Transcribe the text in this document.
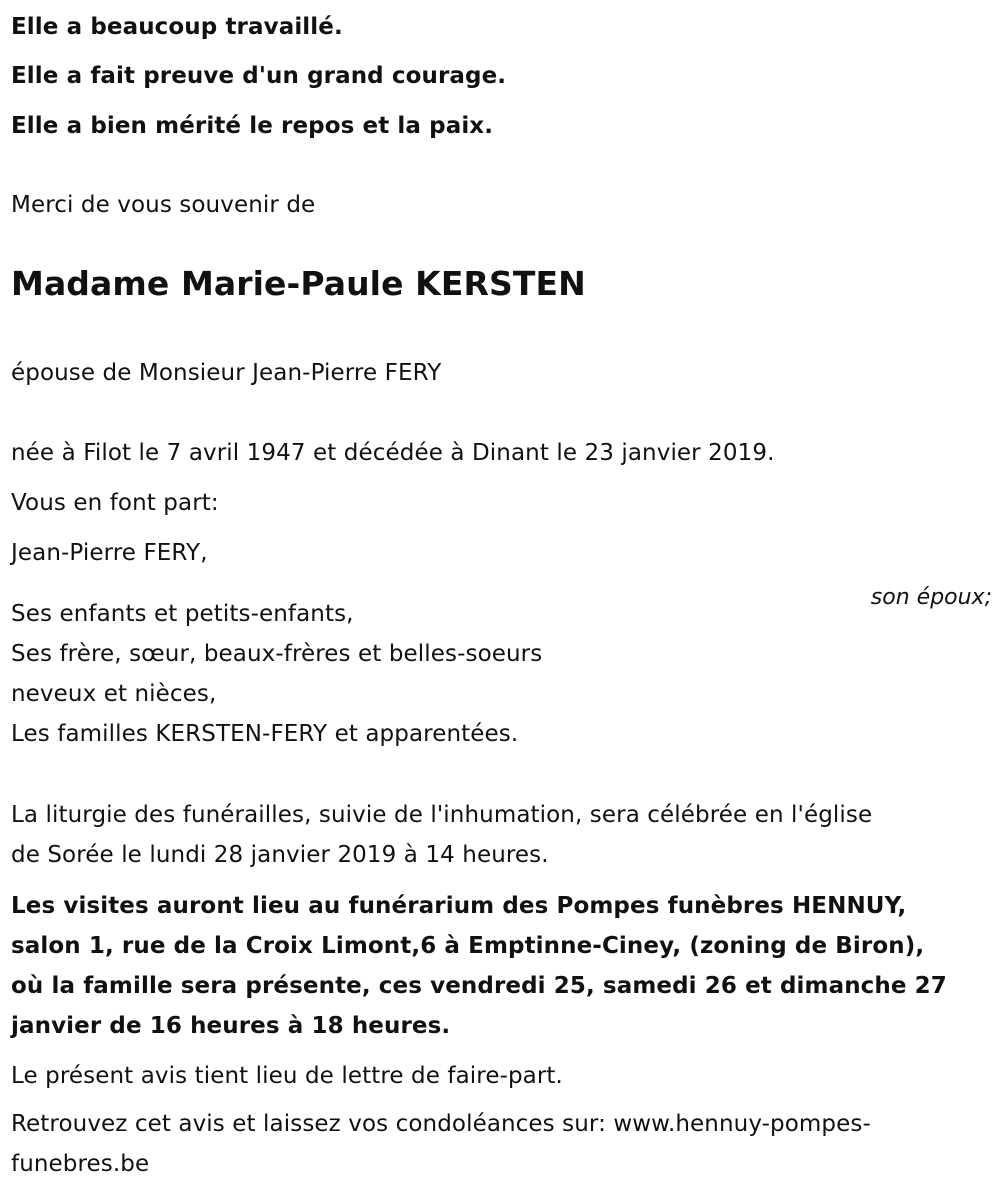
Elle a beaucoup travaillé.

Elle a fait preuve d'un grand courage.

Elle a bien mérité le repos et la paix.

Merci de vous souvenir de

Madame Marie-Paule KERSTEN

épouse de Monsieur Jean-Pierre FERY

née à Filot le 7 avril 1947 et décédée à Dinant le 23 janvier 2019.

Vous en font part:

Jean-Pierre FERY,

son époux;

Ses enfants et petits-enfants,

Ses frère, sœur, beaux-frères et belles-soeurs

neveux et nièces,

Les familles KERSTEN-FERY et apparentées.

La liturgie des funérailles, suivie de l'inhumation, sera célébrée en l'église

de Sorée le lundi 28 janvier 2019 à 14 heures.

Les visites auront lieu au funérarium des Pompes funèbres HENNUY,

salon 1, rue de la Croix Limont,6 à Emptinne-Ciney, (zoning de Biron),

où la famille sera présente, ces vendredi 25, samedi 26 et dimanche 27

janvier de 16 heures à 18 heures.

Le présent avis tient lieu de lettre de faire-part.

Retrouvez cet avis et laissez vos condoléances sur: www.hennuy-pompes-

funebres.be
